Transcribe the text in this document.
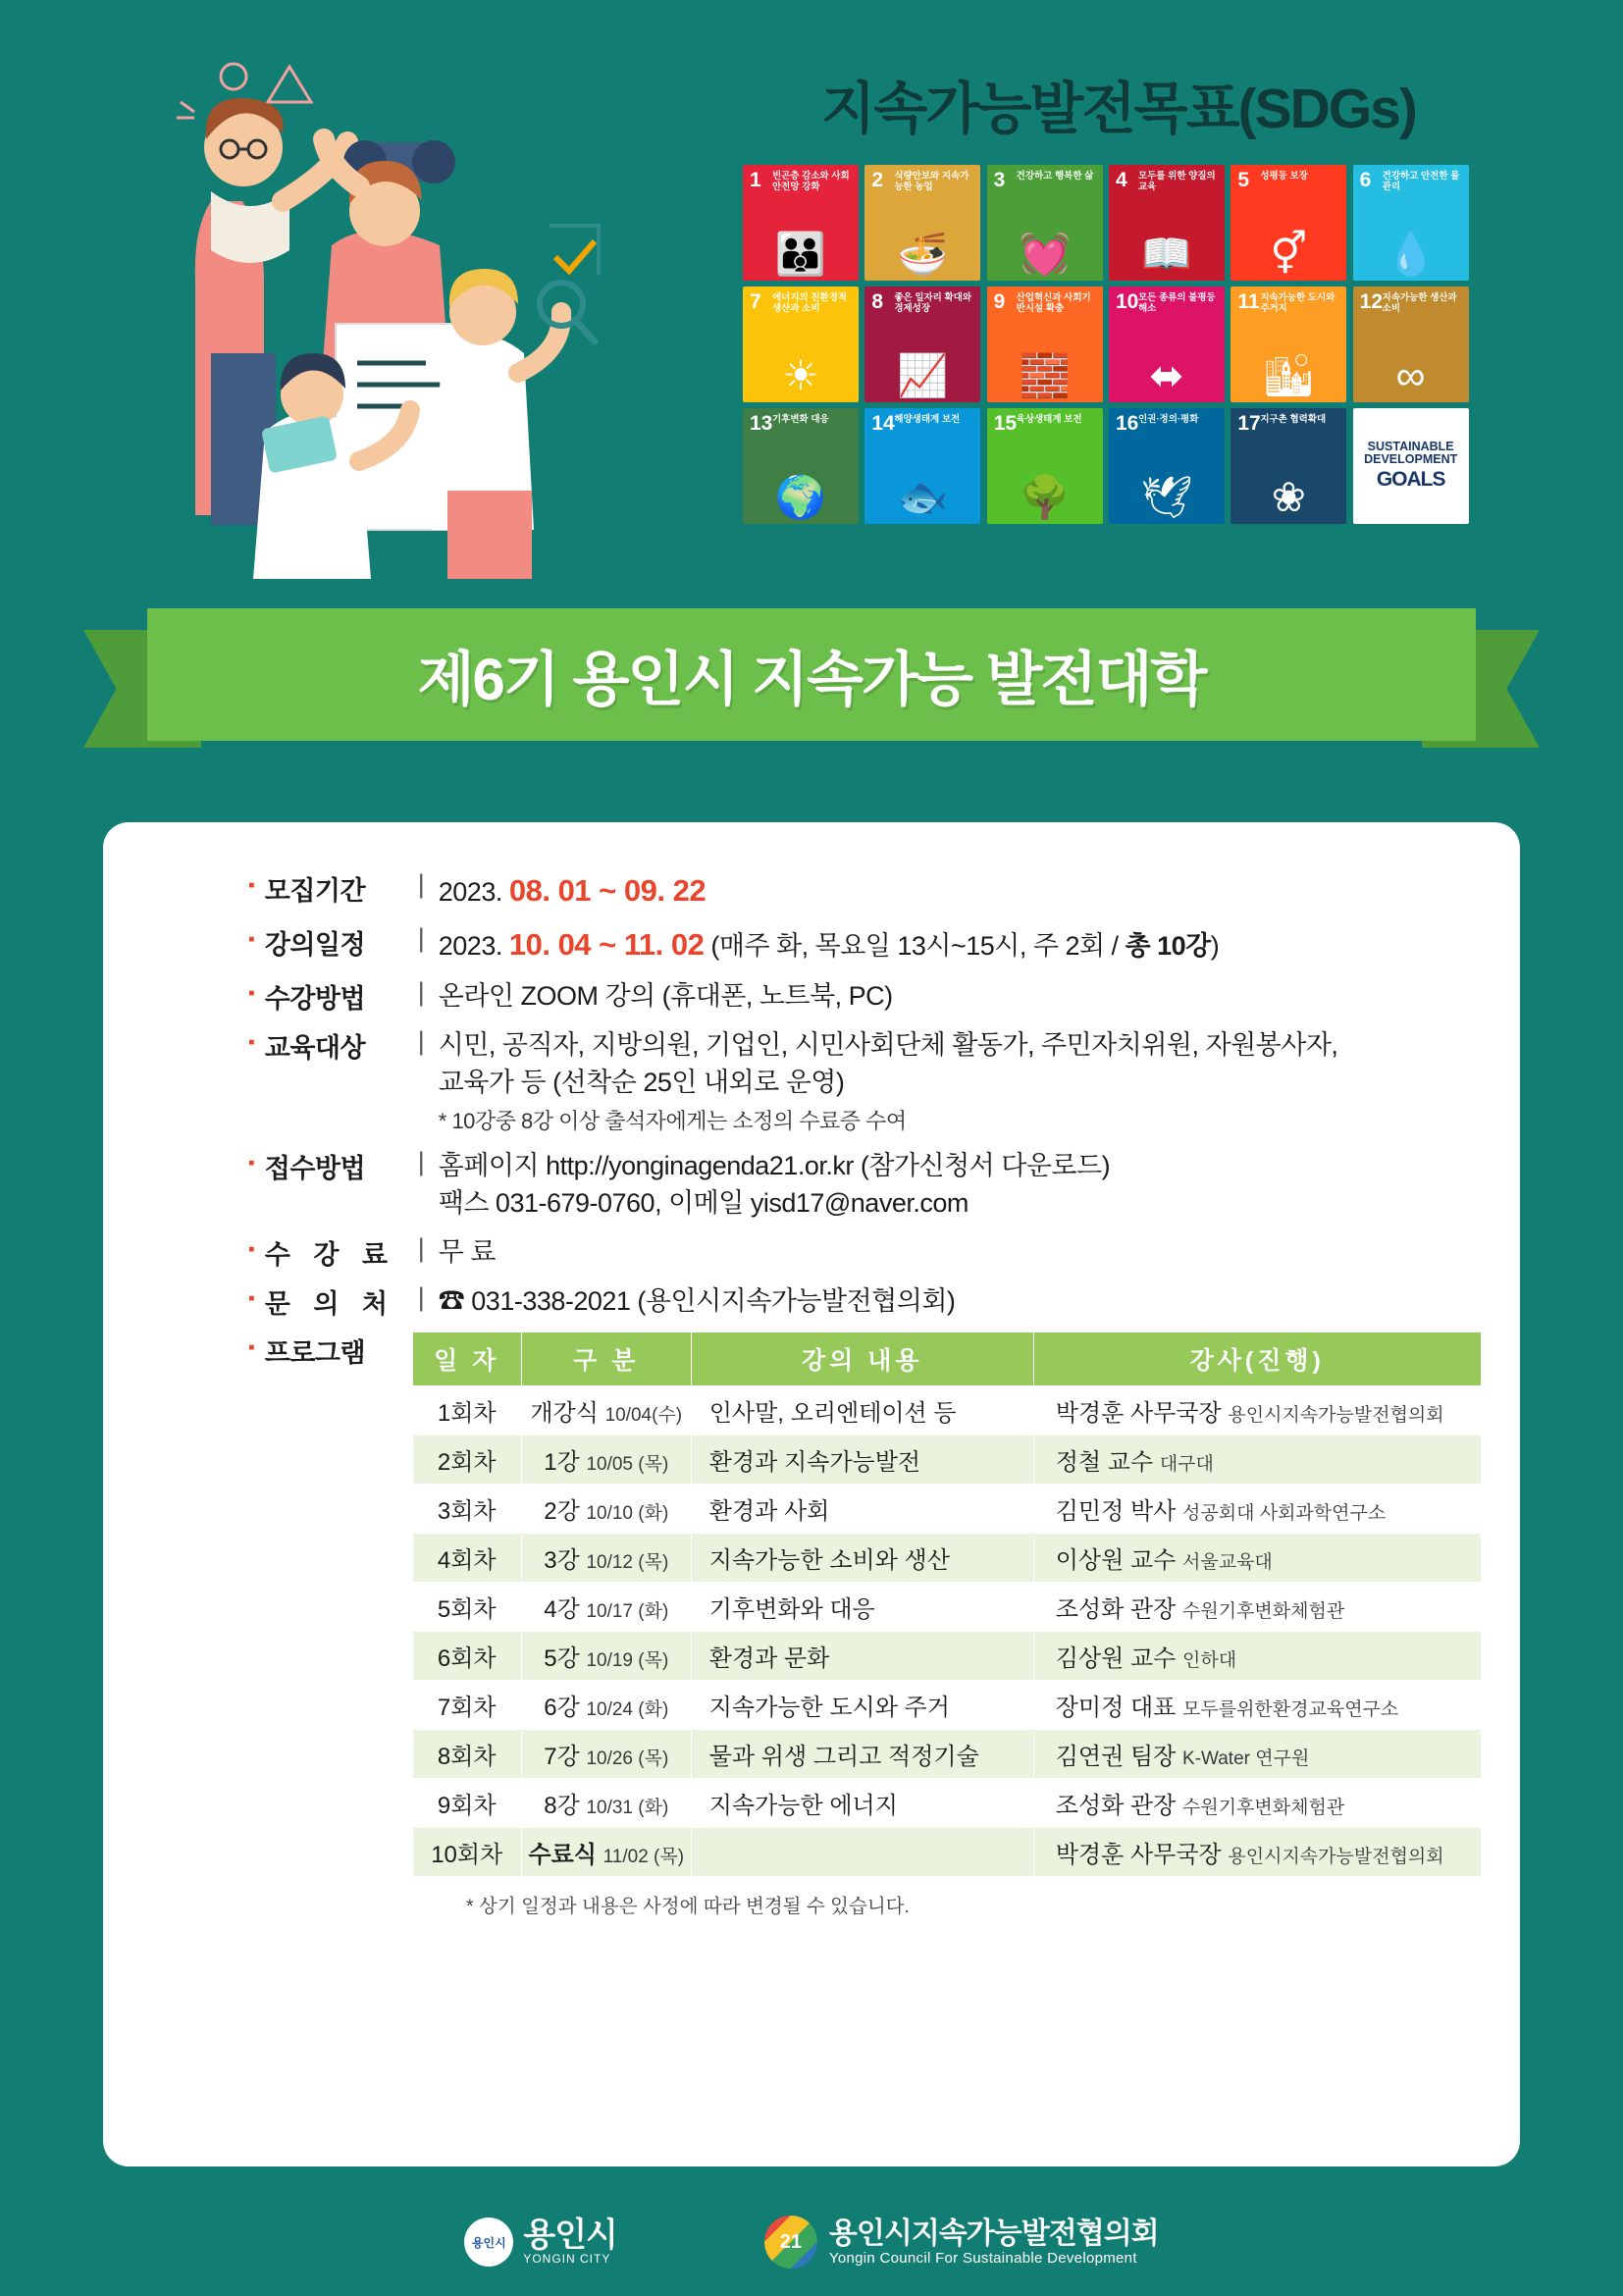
지속가능발전목표(SDGs)
1 빈곤층 감소와 사회안전망 강화
👪
2 식량안보와 지속가능한 농업
🍜
3 건강하고 행복한 삶
💓
4 모두를 위한 양질의 교육
📖
5 성평등 보장
⚥
6 건강하고 안전한 물관리
💧
7 에너지의 친환경적 생산과 소비
☀
8 좋은 일자리 확대와 경제성장
📈
9 산업혁신과 사회기반시설 확충
🧱
10 모든 종류의 불평등 해소
⬌
11 지속가능한 도시와 주거지
🏙
12 지속가능한 생산과 소비
∞
13 기후변화 대응
🌍
14 해양생태계 보전
🐟
15 육상생태계 보전
🌳
16 인권·정의·평화
🕊
17 지구촌 협력확대
❀
SUSTAINABLE DEVELOPMENT
GOALS
제6기 용인시 지속가능 발전대학
▪ 모집기간	| 2023. 08. 01 ~ 09. 22
▪ 강의일정	| 2023. 10. 04 ~ 11. 02 (매주 화, 목요일 13시~15시, 주 2회 / 총 10강)
▪ 수강방법	| 온라인 ZOOM 강의 (휴대폰, 노트북, PC)
▪ 교육대상	| 시민, 공직자, 지방의원, 기업인, 시민사회단체 활동가, 주민자치위원, 자원봉사자,
교육가 등 (선착순 25인 내외로 운영)
* 10강중 8강 이상 출석자에게는 소정의 수료증 수여
▪ 접수방법	| 홈페이지 http://yonginagenda21.or.kr (참가신청서 다운로드)
팩스 031-679-0760, 이메일 yisd17@naver.com
▪ 수 강 료 | 무 료
▪ 문 의 처 | ☎ 031-338-2021 (용인시지속가능발전협의회)
▪ 프로그램	일 자	구 분	강의 내용	강사(진행)
1회차	개강식 10/04(수)	인사말, 오리엔테이션 등	박경훈 사무국장 용인시지속가능발전협의회
2회차	1강 10/05 (목)	환경과 지속가능발전	정철 교수 대구대
3회차	2강 10/10 (화)	환경과 사회	김민정 박사 성공회대 사회과학연구소
4회차	3강 10/12 (목)	지속가능한 소비와 생산	이상원 교수 서울교육대
5회차	4강 10/17 (화)	기후변화와 대응	조성화 관장 수원기후변화체험관
6회차	5강 10/19 (목)	환경과 문화	김상원 교수 인하대
7회차	6강 10/24 (화)	지속가능한 도시와 주거	장미정 대표 모두를위한환경교육연구소
8회차	7강 10/26 (목)	물과 위생 그리고 적정기술	김연권 팀장 K-Water 연구원
9회차	8강 10/31 (화)	지속가능한 에너지	조성화 관장 수원기후변화체험관
10회차	수료식 11/02 (목)		박경훈 사무국장 용인시지속가능발전협의회
* 상기 일정과 내용은 사정에 따라 변경될 수 있습니다.
용인시 용인시
YONGIN CITY
21 용인시지속가능발전협의회
Yongin Council For Sustainable Development
